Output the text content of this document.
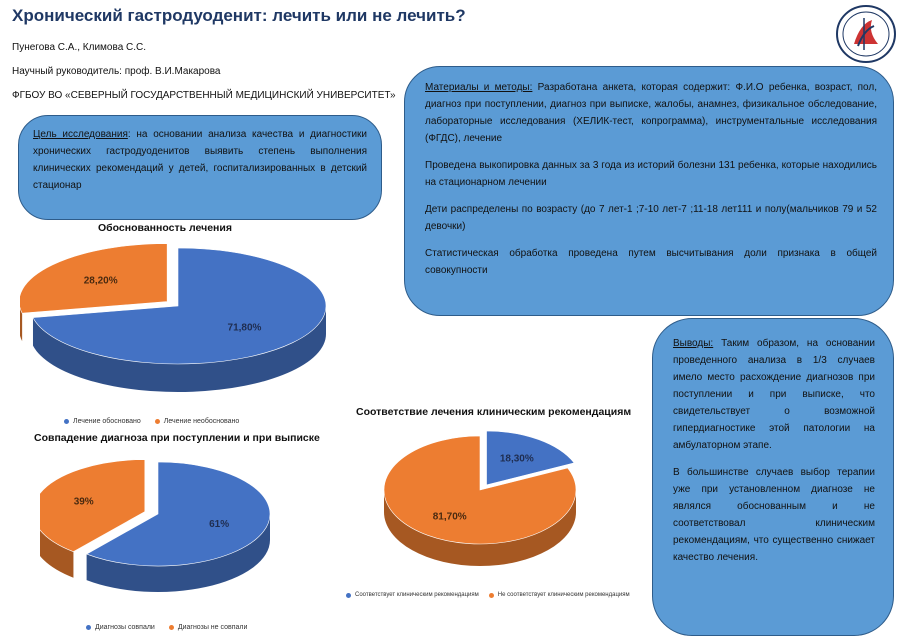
Хронический гастродуоденит: лечить или не лечить?
Пунегова С.А., Климова С.С.
Научный руководитель: проф. В.И.Макарова
ФГБОУ ВО «СЕВЕРНЫЙ ГОСУДАРСТВЕННЫЙ МЕДИЦИНСКИЙ УНИВЕРСИТЕТ»

Цель исследования: на основании анализа качества и диагностики хронических гастродуоденитов выявить степень выполнения клинических рекомендаций у детей, госпитализированных в детский стационар

Материалы и методы: Разработана анкета, которая содержит: Ф.И.О ребенка, возраст, пол, диагноз при поступлении, диагноз при выписке, жалобы, анамнез, физикальное обследование, лабораторные исследования (ХЕЛИК-тест, копрограмма), инструментальные исследования (ФГДС), лечение

Проведена выкопировка данных за 3 года из историй болезни 131 ребенка, которые находились на стационарном лечении

Дети распределены по возрасту (до 7 лет-1 ;7-10 лет-7 ;11-18 лет111 и полу(мальчиков 79 и 52 девочки)

Статистическая обработка проведена путем высчитывания доли признака в общей совокупности

Выводы: Таким образом, на основании проведенного анализа в 1/3 случаев имело место расхождение диагнозов при поступлении и при выписке, что свидетельствует о возможной гипердиагностике этой патологии на амбулаторном этапе.

В большинстве случаев выбор терапии уже при установленном диагнозе не являлся обоснованным и не соответствовал клиническим рекомендациям, что существенно снижает качество лечения.

Обоснованность лечения
71,80%
28,20%
Лечение обосновано	Лечение необосновано
Совпадение диагноза при поступлении и при выписке
61%
39%
Диагнозы совпали	Диагнозы не совпали
Соответствие лечения клиническим рекомендациям
18,30%
81,70%
Соответствует клиническим рекомендациям	Не соответствует клиническим рекомендациям
